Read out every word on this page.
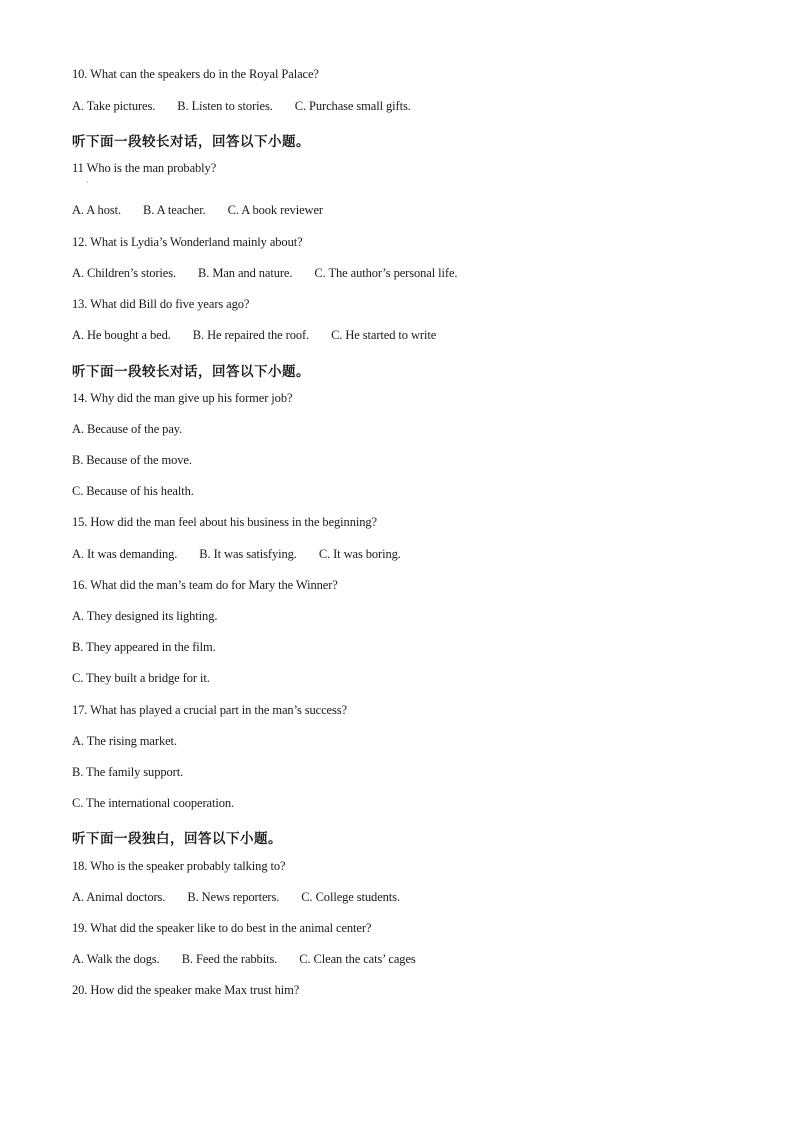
10. What can the speakers do in the Royal Palace?
A. Take pictures. B. Listen to stories. C. Purchase small gifts.
听下面一段较长对话，回答以下小题。
11 Who is the man probably?
A. A host. B. A teacher. C. A book reviewer
12. What is Lydia’s Wonderland mainly about?
A. Children’s stories. B. Man and nature. C. The author’s personal life.
13. What did Bill do five years ago?
A. He bought a bed. B. He repaired the roof. C. He started to write
听下面一段较长对话，回答以下小题。
14. Why did the man give up his former job?
A. Because of the pay.
B. Because of the move.
C. Because of his health.
15. How did the man feel about his business in the beginning?
A. It was demanding. B. It was satisfying. C. It was boring.
16. What did the man’s team do for Mary the Winner?
A. They designed its lighting.
B. They appeared in the film.
C. They built a bridge for it.
17. What has played a crucial part in the man’s success?
A. The rising market.
B. The family support.
C. The international cooperation.
听下面一段独白，回答以下小题。
18. Who is the speaker probably talking to?
A. Animal doctors. B. News reporters. C. College students.
19. What did the speaker like to do best in the animal center?
A. Walk the dogs. B. Feed the rabbits. C. Clean the cats’ cages
20. How did the speaker make Max trust him?
˙
